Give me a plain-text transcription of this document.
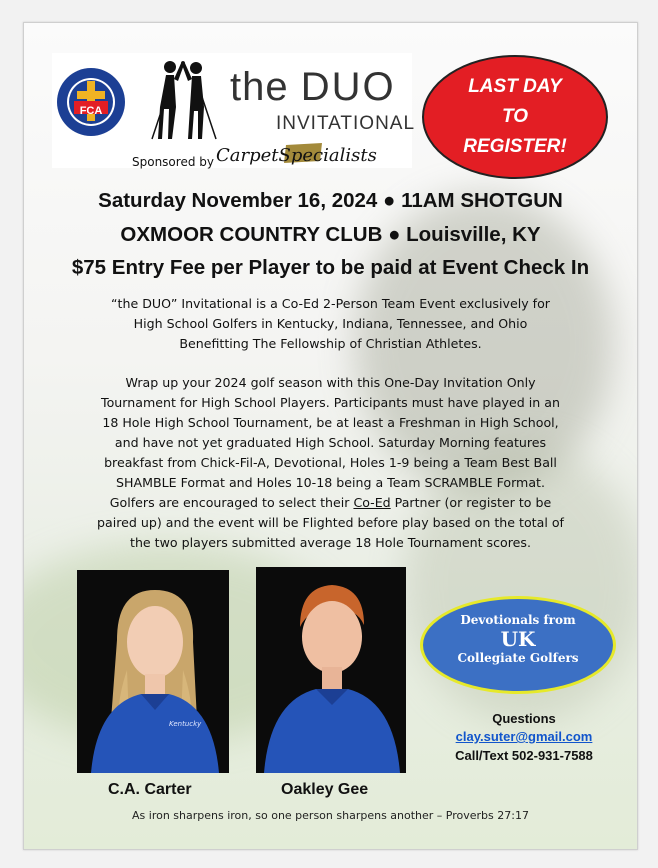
FCA
the DUO
INVITATIONAL
Sponsored by CarpetSpecialists
LAST DAY
TO
REGISTER!
Saturday November 16, 2024 ● 11AM SHOTGUN
OXMOOR COUNTRY CLUB ● Louisville, KY
$75 Entry Fee per Player to be paid at Event Check In
“the DUO” Invitational is a Co-Ed 2-Person Team Event exclusively for
High School Golfers in Kentucky, Indiana, Tennessee, and Ohio
Benefitting The Fellowship of Christian Athletes.
Wrap up your 2024 golf season with this One-Day Invitation Only
Tournament for High School Players. Participants must have played in an
18 Hole High School Tournament, be at least a Freshman in High School,
and have not yet graduated High School. Saturday Morning features
breakfast from Chick-Fil-A, Devotional, Holes 1-9 being a Team Best Ball
SHAMBLE Format and Holes 10-18 being a Team SCRAMBLE Format.
Golfers are encouraged to select their Co-Ed Partner (or register to be
paired up) and the event will be Flighted before play based on the total of
the two players submitted average 18 Hole Tournament scores.
Kentucky
C.A. Carter	Oakley Gee
Devotionals from
UK
Collegiate Golfers
Questions
clay.suter@gmail.com
Call/Text 502-931-7588
As iron sharpens iron, so one person sharpens another – Proverbs 27:17
